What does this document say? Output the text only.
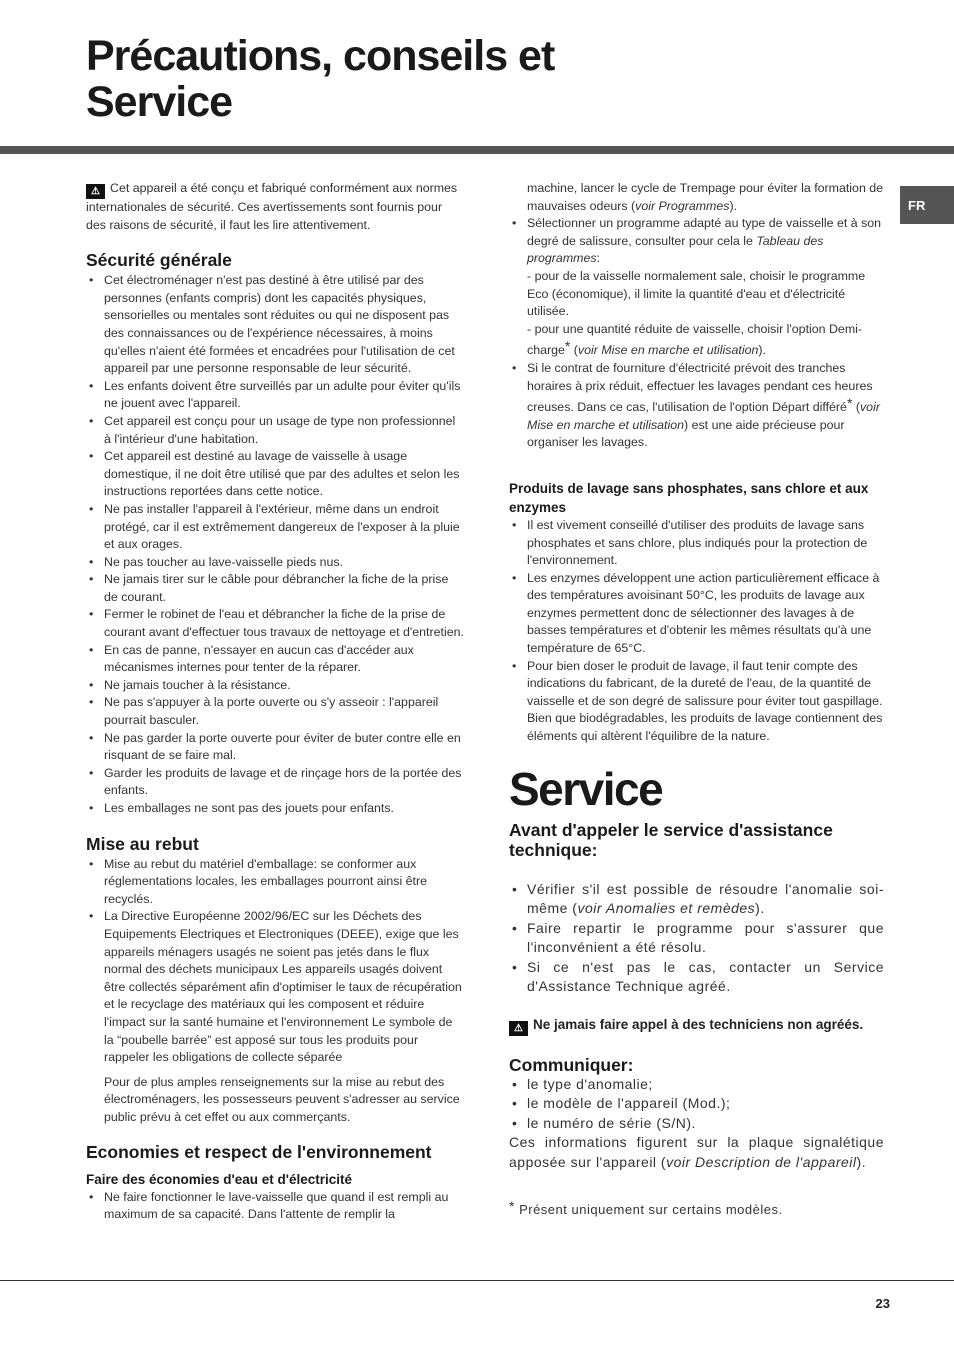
Précautions, conseils et
Service
FR

⚠ Cet appareil a été conçu et fabriqué conformément aux normes internationales de sécurité. Ces avertissements sont fournis pour des raisons de sécurité, il faut les lire attentivement.

Sécurité générale
• Cet électroménager n'est pas destiné à être utilisé par des personnes (enfants compris) dont les capacités physiques, sensorielles ou mentales sont réduites ou qui ne disposent pas des connaissances ou de l'expérience nécessaires, à moins qu'elles n'aient été formées et encadrées pour l'utilisation de cet appareil par une personne responsable de leur sécurité.
• Les enfants doivent être surveillés par un adulte pour éviter qu'ils ne jouent avec l'appareil.
• Cet appareil est conçu pour un usage de type non professionnel à l'intérieur d'une habitation.
• Cet appareil est destiné au lavage de vaisselle à usage domestique, il ne doit être utilisé que par des adultes et selon les instructions reportées dans cette notice.
• Ne pas installer l'appareil à l'extérieur, même dans un endroit protégé, car il est extrêmement dangereux de l'exposer à la pluie et aux orages.
• Ne pas toucher au lave-vaisselle pieds nus.
• Ne jamais tirer sur le câble pour débrancher la fiche de la prise de courant.
• Fermer le robinet de l'eau et débrancher la fiche de la prise de courant avant d'effectuer tous travaux de nettoyage et d'entretien.
• En cas de panne, n'essayer en aucun cas d'accéder aux mécanismes internes pour tenter de la réparer.
• Ne jamais toucher à la résistance.
• Ne pas s'appuyer à la porte ouverte ou s'y asseoir : l'appareil pourrait basculer.
• Ne pas garder la porte ouverte pour éviter de buter contre elle en risquant de se faire mal.
• Garder les produits de lavage et de rinçage hors de la portée des enfants.
• Les emballages ne sont pas des jouets pour enfants.
Mise au rebut
• Mise au rebut du matériel d'emballage: se conformer aux réglementations locales, les emballages pourront ainsi être recyclés.
• La Directive Européenne 2002/96/EC sur les Déchets des Equipements Electriques et Electroniques (DEEE), exige que les appareils ménagers usagés ne soient pas jetés dans le flux normal des déchets municipaux Les appareils usagés doivent être collectés séparément afin d'optimiser le taux de récupération et le recyclage des matériaux qui les composent et réduire l'impact sur la santé humaine et l'environnement Le symbole de la “poubelle barrée” est apposé sur tous les produits pour rappeler les obligations de collecte séparée

Pour de plus amples renseignements sur la mise au rebut des électroménagers, les possesseurs peuvent s'adresser au service public prévu à cet effet ou aux commerçants.

Economies et respect de l'environnement
Faire des économies d'eau et d'électricité
• Ne faire fonctionner le lave-vaisselle que quand il est rempli au maximum de sa capacité. Dans l'attente de remplir la

machine, lancer le cycle de Trempage pour éviter la formation de mauvaises odeurs (voir Programmes).

• Sélectionner un programme adapté au type de vaisselle et à son degré de salissure, consulter pour cela le Tableau des programmes:
- pour de la vaisselle normalement sale, choisir le programme Eco (économique), il limite la quantité d'eau et d'électricité utilisée.
- pour une quantité réduite de vaisselle, choisir l'option Demi-charge* (voir Mise en marche et utilisation).
• Si le contrat de fourniture d'électricité prévoit des tranches horaires à prix réduit, effectuer les lavages pendant ces heures creuses. Dans ce cas, l'utilisation de l'option Départ différé* (voir Mise en marche et utilisation) est une aide précieuse pour organiser les lavages.
Produits de lavage sans phosphates, sans chlore et aux enzymes
• Il est vivement conseillé d'utiliser des produits de lavage sans phosphates et sans chlore, plus indiqués pour la protection de l'environnement.
• Les enzymes développent une action particulièrement efficace à des températures avoisinant 50°C, les produits de lavage aux enzymes permettent donc de sélectionner des lavages à de basses températures et d'obtenir les mêmes résultats qu'à une température de 65°C.
• Pour bien doser le produit de lavage, il faut tenir compte des indications du fabricant, de la dureté de l'eau, de la quantité de vaisselle et de son degré de salissure pour éviter tout gaspillage. Bien que biodégradables, les produits de lavage contiennent des éléments qui altèrent l'équilibre de la nature.
Service
Avant d'appeler le service d'assistance technique:
• Vérifier s'il est possible de résoudre l'anomalie soi-même (voir Anomalies et remèdes).
• Faire repartir le programme pour s'assurer que l'inconvénient a été résolu.
• Si ce n'est pas le cas, contacter un Service d'Assistance Technique agréé.

⚠ Ne jamais faire appel à des techniciens non agréés.

Communiquer:
• le type d'anomalie;
• le modèle de l'appareil (Mod.);
• le numéro de série (S/N).

Ces informations figurent sur la plaque signalétique apposée sur l'appareil (voir Description de l'appareil).

* Présent uniquement sur certains modèles.

23
